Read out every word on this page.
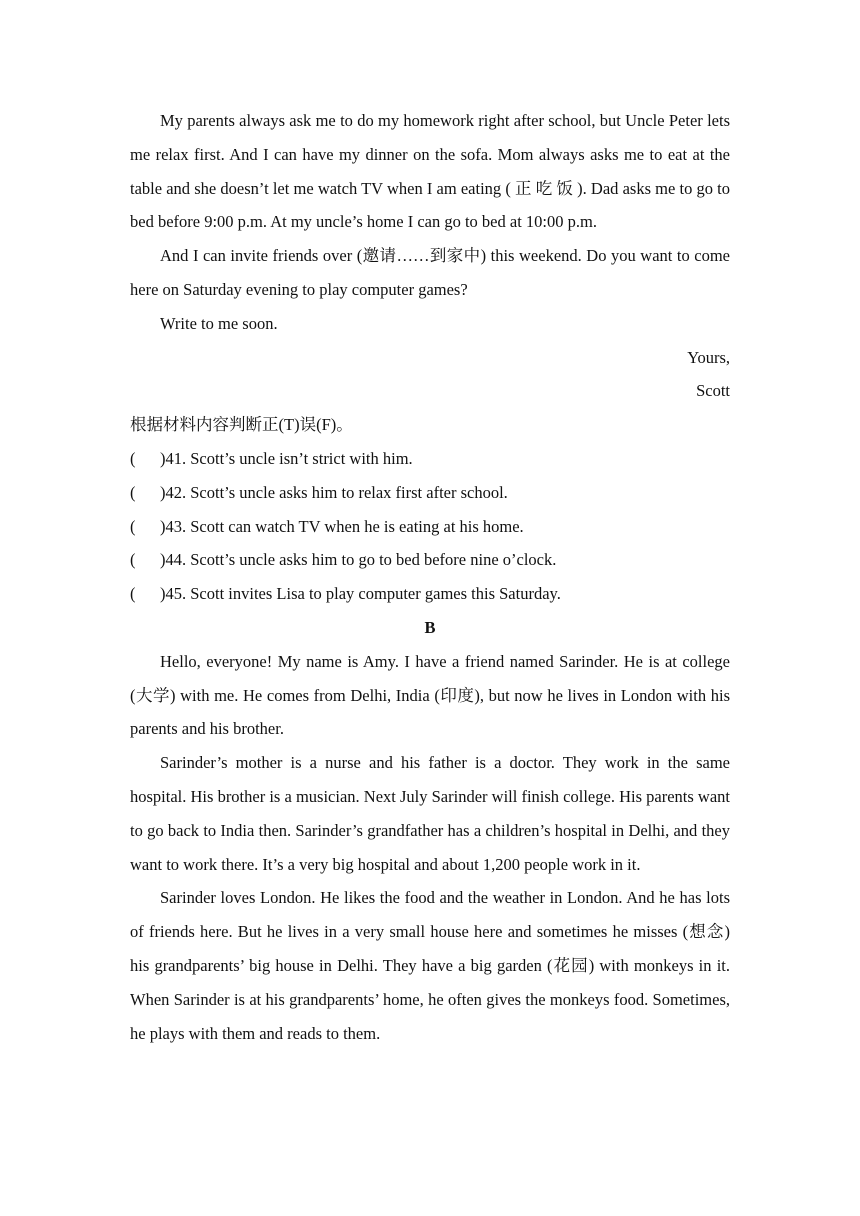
My parents always ask me to do my homework right after school, but Uncle Peter lets me relax first. And I can have my dinner on the sofa. Mom always asks me to eat at the table and she doesn’t let me watch TV when I am eating ( 正 吃 饭 ). Dad asks me to go to bed before 9:00 p.m. At my uncle’s home I can go to bed at 10:00 p.m.

And I can invite friends over (邀请……到家中) this weekend. Do you want to come here on Saturday evening to play computer games?

Write to me soon.

Yours,

Scott

根据材料内容判断正(T)误(F)。

( )41. Scott’s uncle isn’t strict with him.

( )42. Scott’s uncle asks him to relax first after school.

( )43. Scott can watch TV when he is eating at his home.

( )44. Scott’s uncle asks him to go to bed before nine o’clock.

( )45. Scott invites Lisa to play computer games this Saturday.

B

Hello, everyone! My name is Amy. I have a friend named Sarinder. He is at college (大学) with me. He comes from Delhi, India (印度), but now he lives in London with his parents and his brother.

Sarinder’s mother is a nurse and his father is a doctor. They work in the same hospital. His brother is a musician. Next July Sarinder will finish college. His parents want to go back to India then. Sarinder’s grandfather has a children’s hospital in Delhi, and they want to work there. It’s a very big hospital and about 1,200 people work in it.

Sarinder loves London. He likes the food and the weather in London. And he has lots of friends here. But he lives in a very small house here and sometimes he misses (想念) his grandparents’ big house in Delhi. They have a big garden (花园) with monkeys in it. When Sarinder is at his grandparents’ home, he often gives the monkeys food. Sometimes, he plays with them and reads to them.
